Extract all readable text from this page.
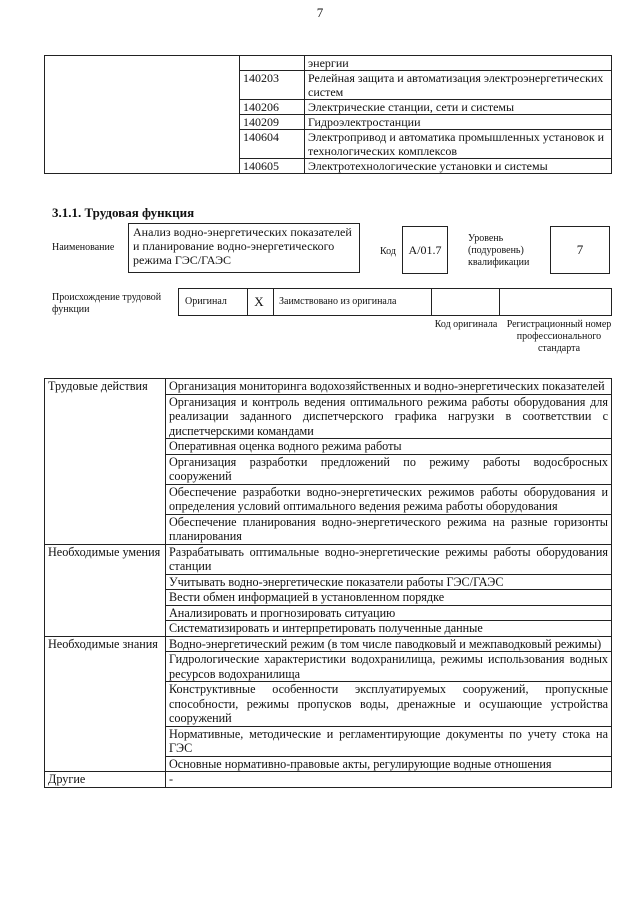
7
		энергии
	140203	Релейная защита и автоматизация электроэнергетических систем
	140206	Электрические станции, сети и системы
	140209	Гидроэлектростанции
	140604	Электропривод и автоматика промышленных установок и технологических комплексов
	140605	Электротехнологические установки и системы
3.1.1. Трудовая функция
Наименование
Анализ водно-энергетических показателей и планирование водно-энергетического режима ГЭС/ГАЭС
Код A/01.7
Уровень (подуровень) квалификации
7
Происхождение трудовой функции
Оригинал	Х	Заимствовано из оригинала
Код оригинала Регистрационный номер профессионального стандарта
Трудовые действия	Организация мониторинга водохозяйственных и водно-энергетических показателей
	Организация и контроль ведения оптимального режима работы оборудования для реализации заданного диспетчерского графика нагрузки в соответствии с диспетчерскими командами
	Оперативная оценка водного режима работы
	Организация разработки предложений по режиму работы водосбросных сооружений
	Обеспечение разработки водно-энергетических режимов работы оборудования и определения условий оптимального ведения режима работы оборудования
	Обеспечение планирования водно-энергетического режима на разные горизонты планирования
Необходимые умения	Разрабатывать оптимальные водно-энергетические режимы работы оборудования станции
	Учитывать водно-энергетические показатели работы ГЭС/ГАЭС
	Вести обмен информацией в установленном порядке
	Анализировать и прогнозировать ситуацию
	Систематизировать и интерпретировать полученные данные
Необходимые знания	Водно-энергетический режим (в том числе паводковый и межпаводковый режимы)
	Гидрологические характеристики водохранилища, режимы использования водных ресурсов водохранилища
	Конструктивные особенности эксплуатируемых сооружений, пропускные способности, режимы пропусков воды, дренажные и осушающие устройства сооружений
	Нормативные, методические и регламентирующие документы по учету стока на ГЭС
	Основные нормативно-правовые акты, регулирующие водные отношения
Другие	-
